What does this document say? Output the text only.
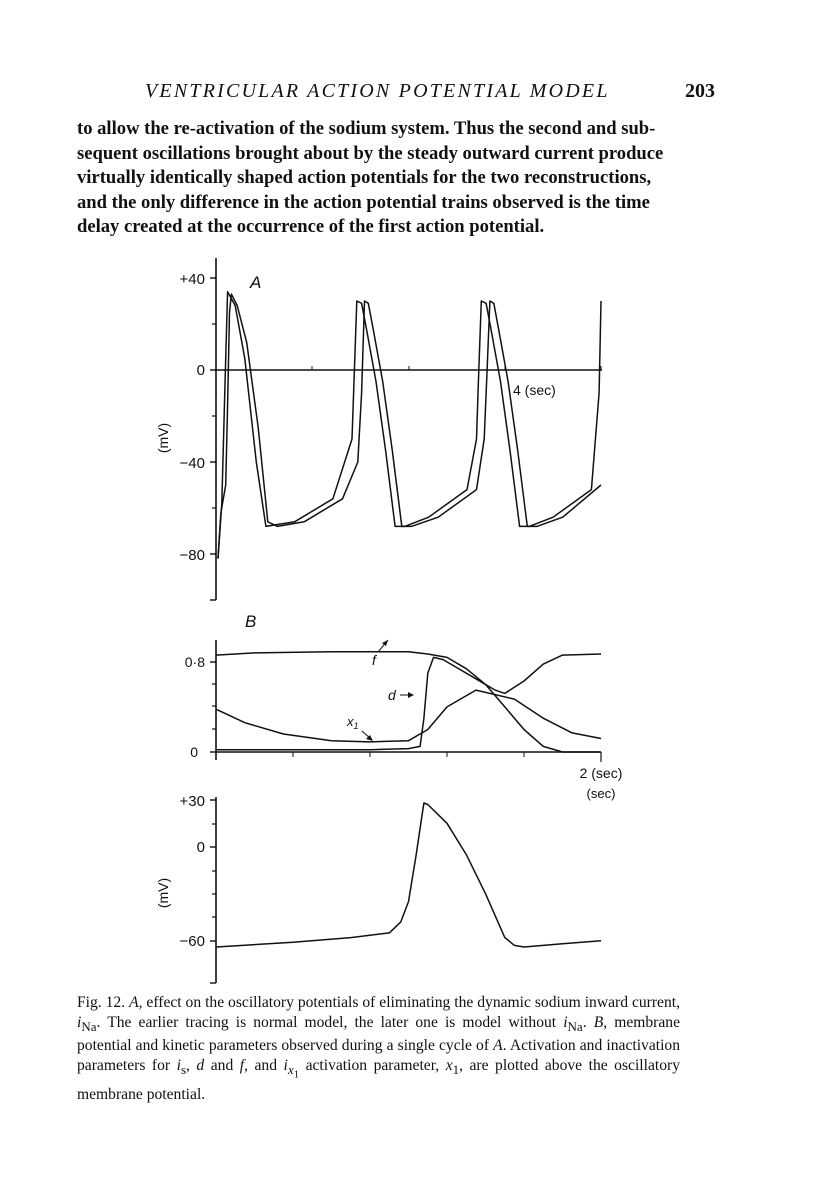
VENTRICULAR ACTION POTENTIAL MODEL	203
to allow the re-activation of the sodium system. Thus the second and sub-
sequent oscillations brought about by the steady outward current produce
virtually identically shaped action potentials for the two reconstructions,
and the only difference in the action potential trains observed is the time
delay created at the occurrence of the first action potential.
+40
0
−40
−80
(mV)
4 (sec)
A
0·8
0
B
2 (sec)
(sec)
f
d
$x_1$
+30
0
−60
(mV)
Fig. 12. A, effect on the oscillatory potentials of eliminating the dynamic sodium inward current, $i_{Na}$. The earlier tracing is normal model, the later one is model without $i_{Na}$. B, membrane potential and kinetic parameters observed during a single cycle of A. Activation and inactivation parameters for $i_s$, d and f, and $i_{x_1}$ activation parameter, $x_1$, are plotted above the oscillatory membrane potential.
